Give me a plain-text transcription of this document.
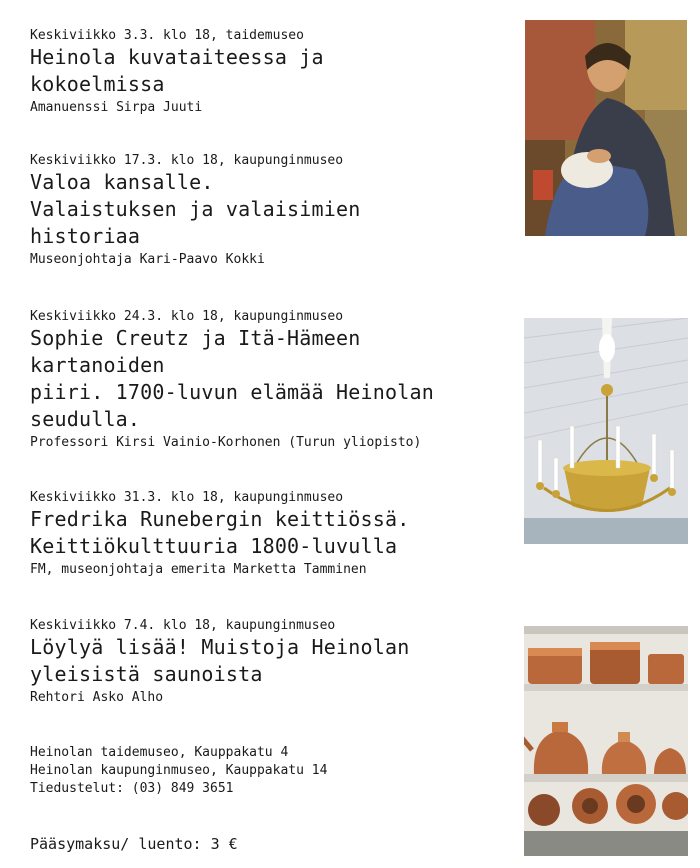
Keskiviikko 3.3. klo 18, taidemuseo
Heinola kuvataiteessa ja
kokoelmissa
Amanuenssi Sirpa Juuti
Keskiviikko 17.3. klo 18, kaupunginmuseo
Valoa kansalle.
Valaistuksen ja valaisimien
historiaa
Museonjohtaja Kari-Paavo Kokki
Keskiviikko 24.3. klo 18, kaupunginmuseo
Sophie Creutz ja Itä-Hämeen
kartanoiden
piiri. 1700-luvun elämää Heinolan
seudulla.
Professori Kirsi Vainio-Korhonen (Turun yliopisto)
Keskiviikko 31.3. klo 18, kaupunginmuseo
Fredrika Runebergin keittiössä.
Keittiökulttuuria 1800-luvulla
FM, museonjohtaja emerita Marketta Tamminen
Keskiviikko 7.4. klo 18, kaupunginmuseo
Löylyä lisää! Muistoja Heinolan
yleisistä saunoista
Rehtori Asko Alho
Heinolan taidemuseo, Kauppakatu 4
Heinolan kaupunginmuseo, Kauppakatu 14
Tiedustelut: (03) 849 3651
Pääsymaksu/ luento: 3 €
